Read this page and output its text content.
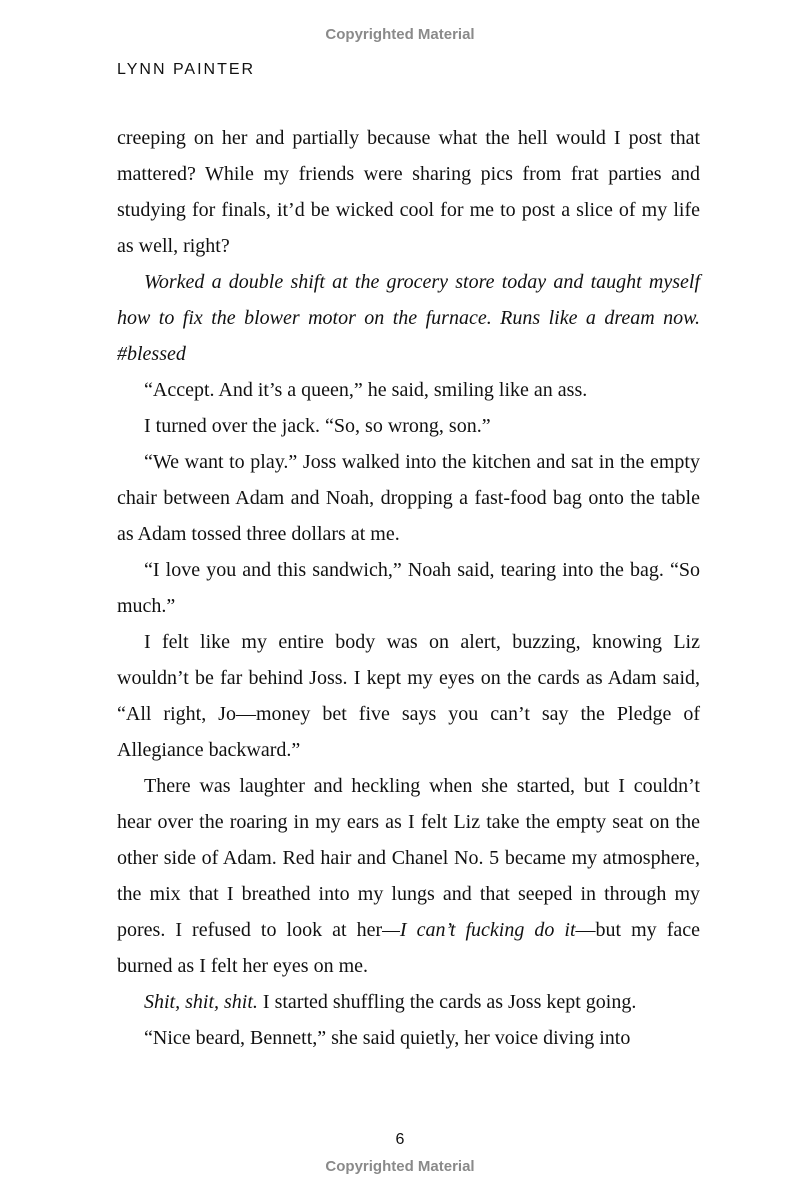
Copyrighted Material
LYNN PAINTER

creeping on her and partially because what the hell would I post that mattered? While my friends were sharing pics from frat parties and studying for finals, it’d be wicked cool for me to post a slice of my life as well, right?

Worked a double shift at the grocery store today and taught myself how to fix the blower motor on the furnace. Runs like a dream now. #blessed

“Accept. And it’s a queen,” he said, smiling like an ass.

I turned over the jack. “So, so wrong, son.”

“We want to play.” Joss walked into the kitchen and sat in the empty chair between Adam and Noah, dropping a fast-food bag onto the table as Adam tossed three dollars at me.

“I love you and this sandwich,” Noah said, tearing into the bag. “So much.”

I felt like my entire body was on alert, buzzing, knowing Liz wouldn’t be far behind Joss. I kept my eyes on the cards as Adam said, “All right, Jo—money bet five says you can’t say the Pledge of Allegiance backward.”

There was laughter and heckling when she started, but I couldn’t hear over the roaring in my ears as I felt Liz take the empty seat on the other side of Adam. Red hair and Chanel No. 5 became my atmosphere, the mix that I breathed into my lungs and that seeped in through my pores. I refused to look at her—I can’t fucking do it—but my face burned as I felt her eyes on me.

Shit, shit, shit. I started shuffling the cards as Joss kept going.

“Nice beard, Bennett,” she said quietly, her voice diving into

6
Copyrighted Material
